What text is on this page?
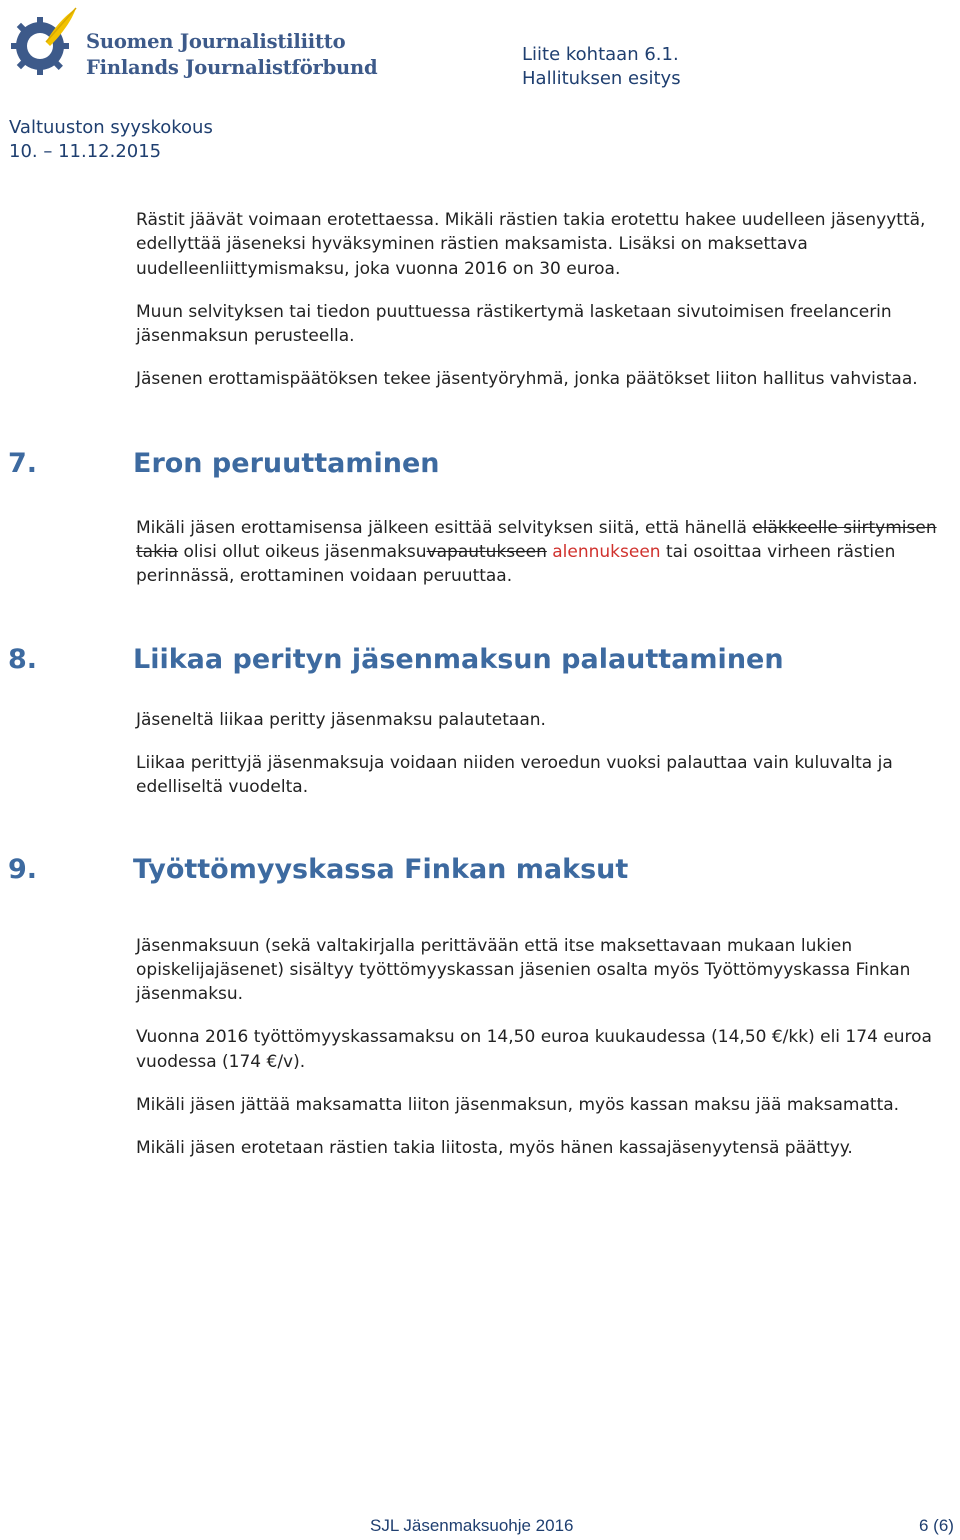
Suomen Journalistiliitto
Finlands Journalistförbund
Liite kohtaan 6.1.
Hallituksen esitys
Valtuuston syyskokous
10. – 11.12.2015

Rästit jäävät voimaan erotettaessa. Mikäli rästien takia erotettu hakee uudelleen jäsenyyttä, edellyttää jäseneksi hyväksyminen rästien maksamista. Lisäksi on maksettava uudelleenliittymismaksu, joka vuonna 2016 on 30 euroa.

Muun selvityksen tai tiedon puuttuessa rästikertymä lasketaan sivutoimisen freelancerin jäsenmaksun perusteella.

Jäsenen erottamispäätöksen tekee jäsentyöryhmä, jonka päätökset liiton hallitus vahvistaa.

7.	Eron peruuttaminen

Mikäli jäsen erottamisensa jälkeen esittää selvityksen siitä, että hänellä eläkkeelle siirtymisen takia olisi ollut oikeus jäsenmaksuvapautukseen alennukseen tai osoittaa virheen rästien perinnässä, erottaminen voidaan peruuttaa.

8.	Liikaa perityn jäsenmaksun palauttaminen

Jäseneltä liikaa peritty jäsenmaksu palautetaan.

Liikaa perittyjä jäsenmaksuja voidaan niiden veroedun vuoksi palauttaa vain kuluvalta ja edelliseltä vuodelta.

9.	Työttömyyskassa Finkan maksut

Jäsenmaksuun (sekä valtakirjalla perittävään että itse maksettavaan mukaan lukien opiskelijajäsenet) sisältyy työttömyyskassan jäsenien osalta myös Työttömyyskassa Finkan jäsenmaksu.

Vuonna 2016 työttömyyskassamaksu on 14,50 euroa kuukaudessa (14,50 €/kk) eli 174 euroa vuodessa (174 €/v).

Mikäli jäsen jättää maksamatta liiton jäsenmaksun, myös kassan maksu jää maksamatta.

Mikäli jäsen erotetaan rästien takia liitosta, myös hänen kassajäsenyytensä päättyy.

SJL Jäsenmaksuohje 2016	6 (6)
